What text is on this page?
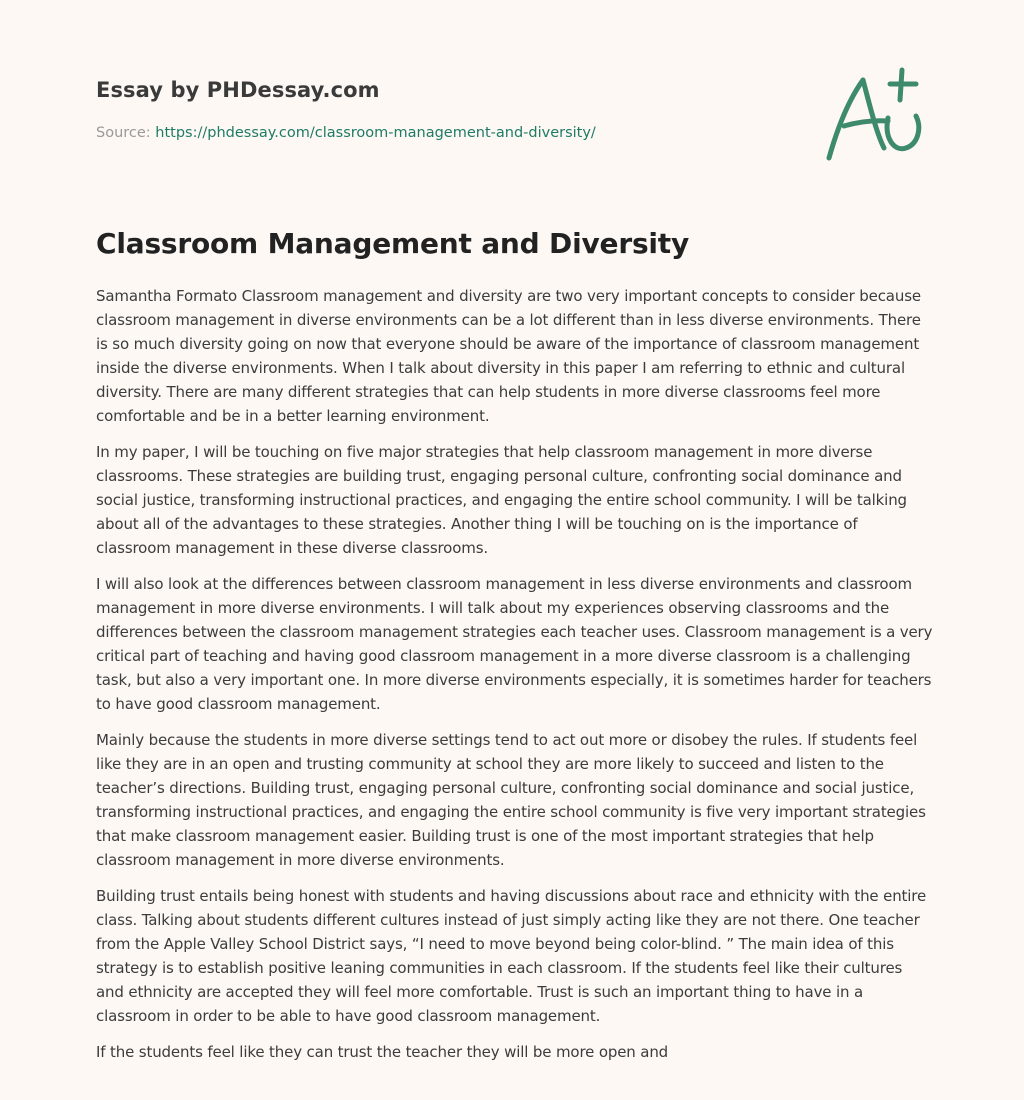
Essay by PHDessay.com

Source: https://phdessay.com/classroom-management-and-diversity/
Classroom Management and Diversity

Samantha Formato Classroom management and diversity are two very important concepts to consider because classroom management in diverse environments can be a lot different than in less diverse environments. There is so much diversity going on now that everyone should be aware of the importance of classroom management inside the diverse environments. When I talk about diversity in this paper I am referring to ethnic and cultural diversity. There are many different strategies that can help students in more diverse classrooms feel more comfortable and be in a better learning environment.

In my paper, I will be touching on five major strategies that help classroom management in more diverse classrooms. These strategies are building trust, engaging personal culture, confronting social dominance and social justice, transforming instructional practices, and engaging the entire school community. I will be talking about all of the advantages to these strategies. Another thing I will be touching on is the importance of classroom management in these diverse classrooms.

I will also look at the differences between classroom management in less diverse environments and classroom management in more diverse environments. I will talk about my experiences observing classrooms and the differences between the classroom management strategies each teacher uses. Classroom management is a very critical part of teaching and having good classroom management in a more diverse classroom is a challenging task, but also a very important one. In more diverse environments especially, it is sometimes harder for teachers to have good classroom management.

Mainly because the students in more diverse settings tend to act out more or disobey the rules. If students feel like they are in an open and trusting community at school they are more likely to succeed and listen to the teacher’s directions. Building trust, engaging personal culture, confronting social dominance and social justice, transforming instructional practices, and engaging the entire school community is five very important strategies that make classroom management easier. Building trust is one of the most important strategies that help classroom management in more diverse environments.

Building trust entails being honest with students and having discussions about race and ethnicity with the entire class. Talking about students different cultures instead of just simply acting like they are not there. One teacher from the Apple Valley School District says, “I need to move beyond being color-blind. ” The main idea of this strategy is to establish positive leaning communities in each classroom. If the students feel like their cultures and ethnicity are accepted they will feel more comfortable. Trust is such an important thing to have in a classroom in order to be able to have good classroom management.

If the students feel like they can trust the teacher they will be more open and
